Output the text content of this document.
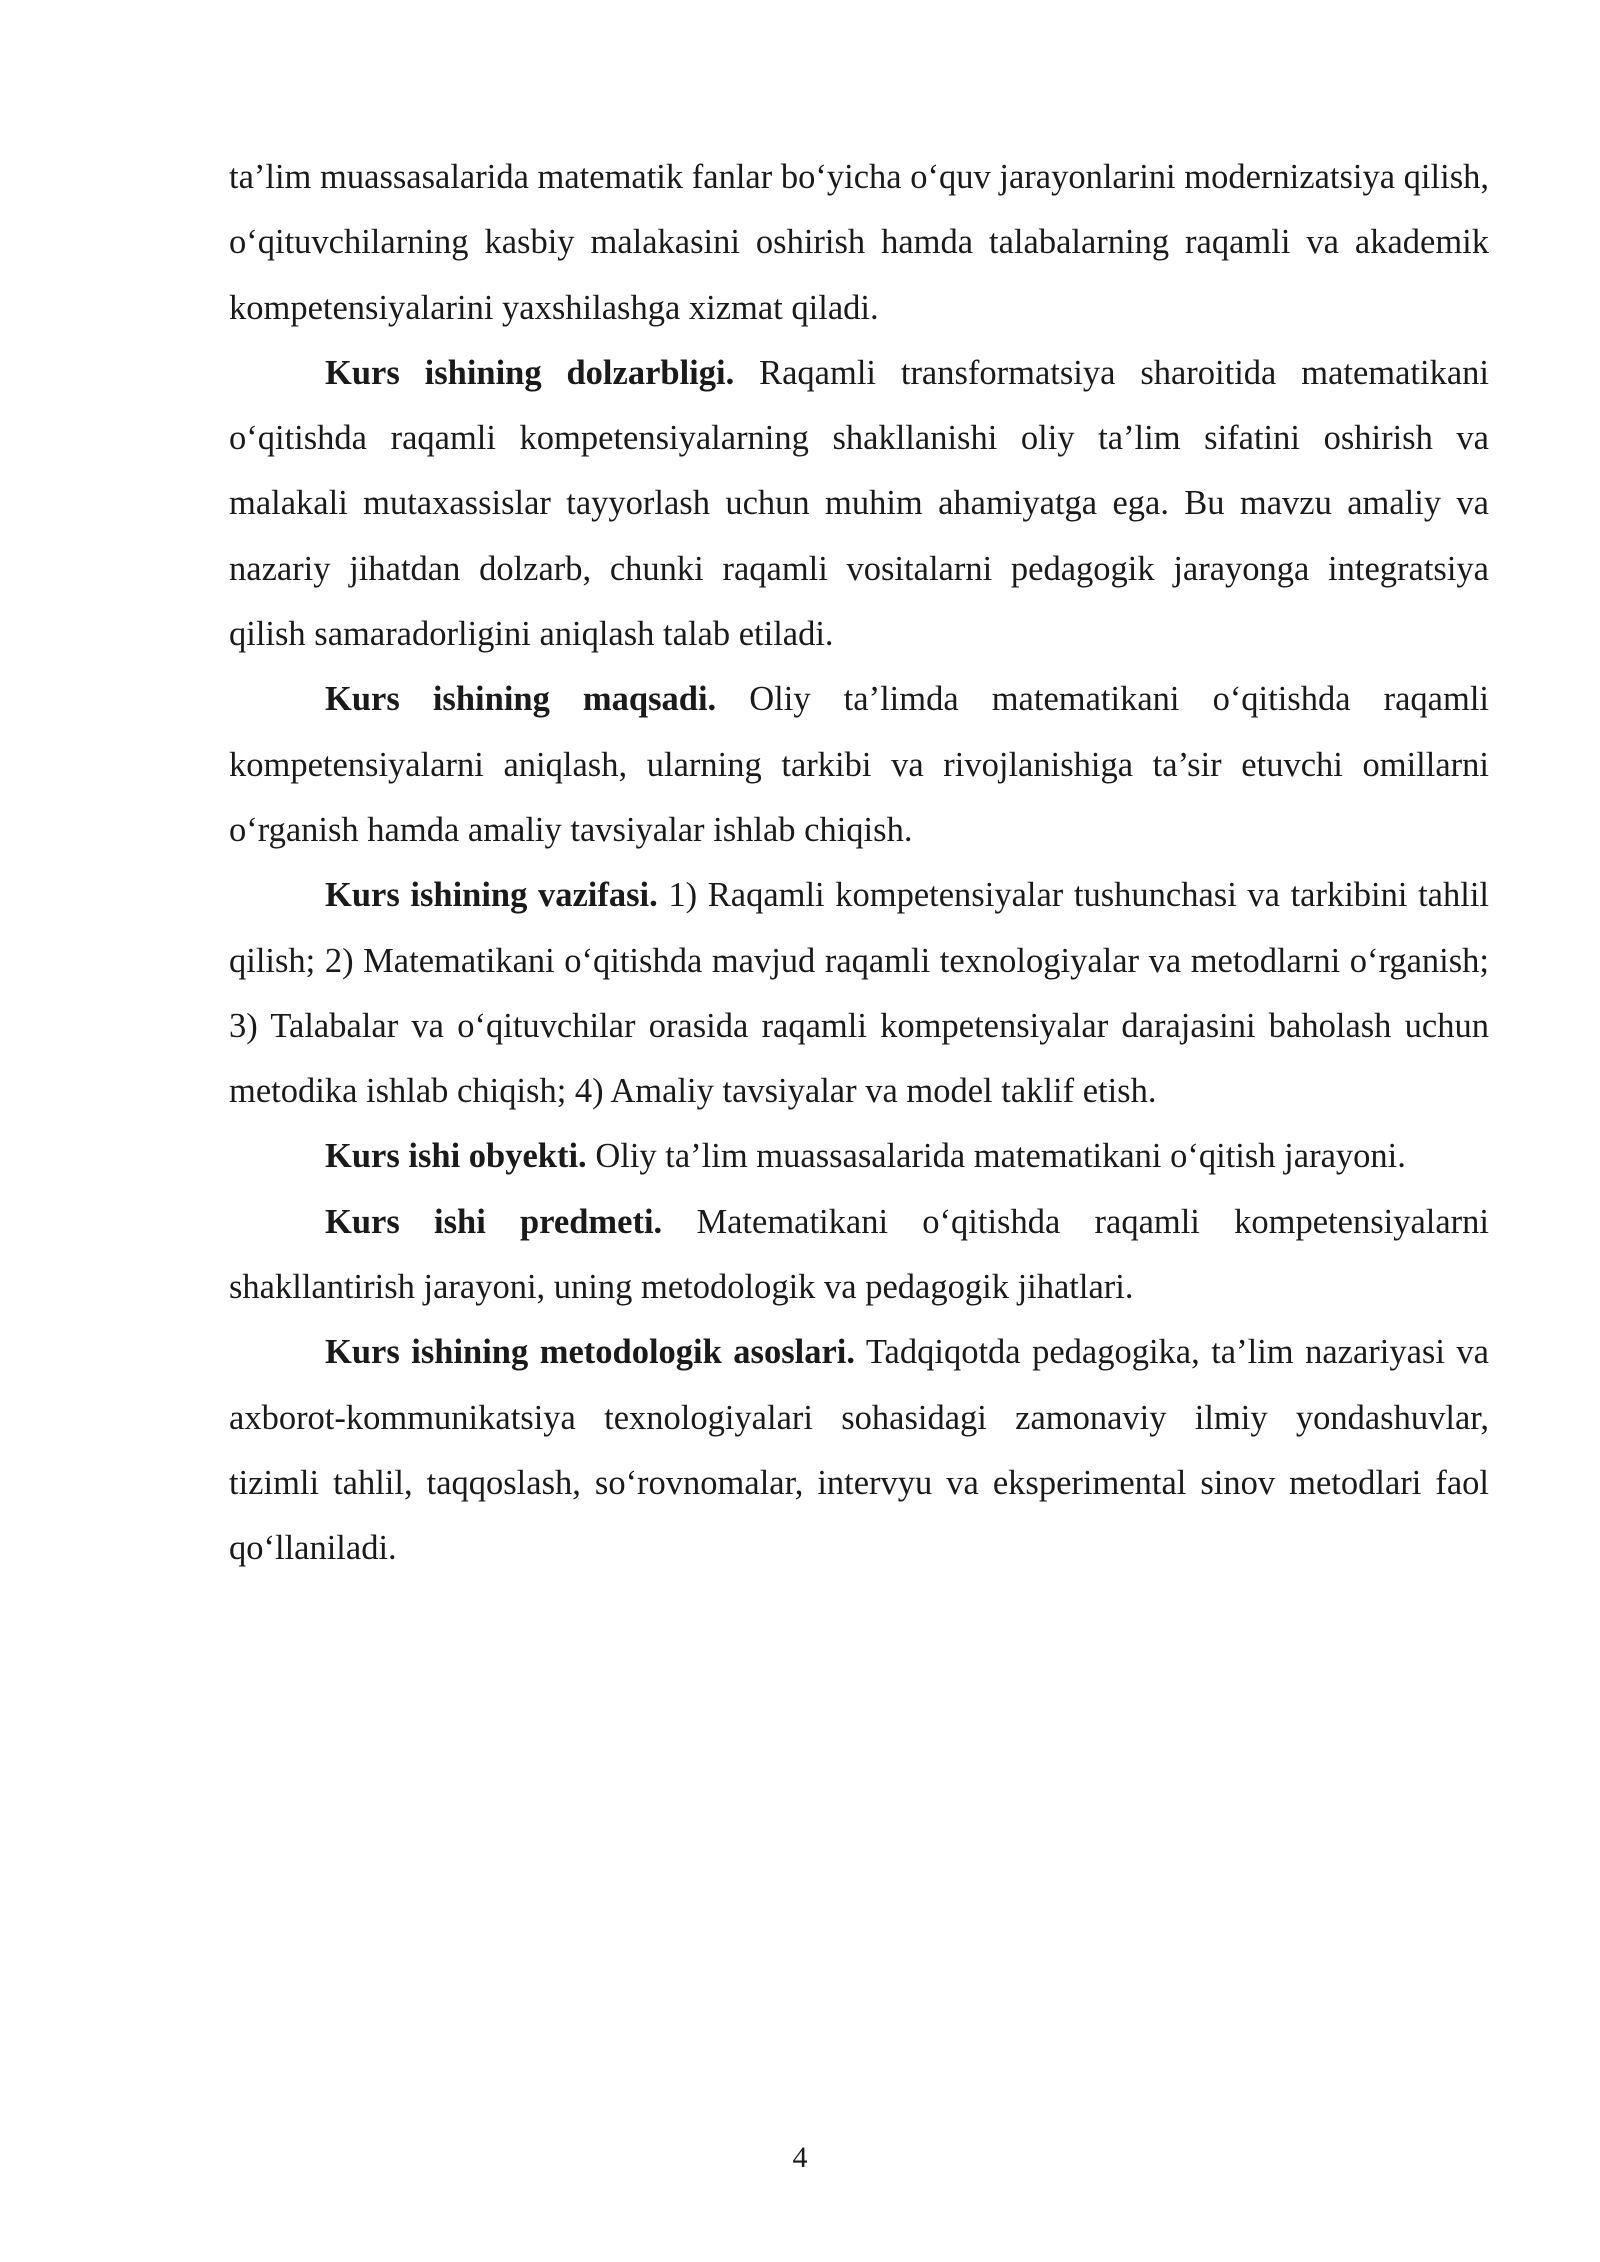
ta’lim muassasalarida matematik fanlar bo‘yicha o‘quv jarayonlarini modernizatsiya qilish, o‘qituvchilarning kasbiy malakasini oshirish hamda talabalarning raqamli va akademik kompetensiyalarini yaxshilashga xizmat qiladi.

Kurs ishining dolzarbligi. Raqamli transformatsiya sharoitida matematikani o‘qitishda raqamli kompetensiyalarning shakllanishi oliy ta’lim sifatini oshirish va malakali mutaxassislar tayyorlash uchun muhim ahamiyatga ega. Bu mavzu amaliy va nazariy jihatdan dolzarb, chunki raqamli vositalarni pedagogik jarayonga integratsiya qilish samaradorligini aniqlash talab etiladi.

Kurs ishining maqsadi. Oliy ta’limda matematikani o‘qitishda raqamli kompetensiyalarni aniqlash, ularning tarkibi va rivojlanishiga ta’sir etuvchi omillarni o‘rganish hamda amaliy tavsiyalar ishlab chiqish.

Kurs ishining vazifasi. 1) Raqamli kompetensiyalar tushunchasi va tarkibini tahlil qilish; 2) Matematikani o‘qitishda mavjud raqamli texnologiyalar va metodlarni o‘rganish; 3) Talabalar va o‘qituvchilar orasida raqamli kompetensiyalar darajasini baholash uchun metodika ishlab chiqish; 4) Amaliy tavsiyalar va model taklif etish.

Kurs ishi obyekti. Oliy ta’lim muassasalarida matematikani o‘qitish jarayoni.

Kurs ishi predmeti. Matematikani o‘qitishda raqamli kompetensiyalarni shakllantirish jarayoni, uning metodologik va pedagogik jihatlari.

Kurs ishining metodologik asoslari. Tadqiqotda pedagogika, ta’lim nazariyasi va axborot-kommunikatsiya texnologiyalari sohasidagi zamonaviy ilmiy yondashuvlar, tizimli tahlil, taqqoslash, so‘rovnomalar, intervyu va eksperimental sinov metodlari faol qo‘llaniladi.

4
